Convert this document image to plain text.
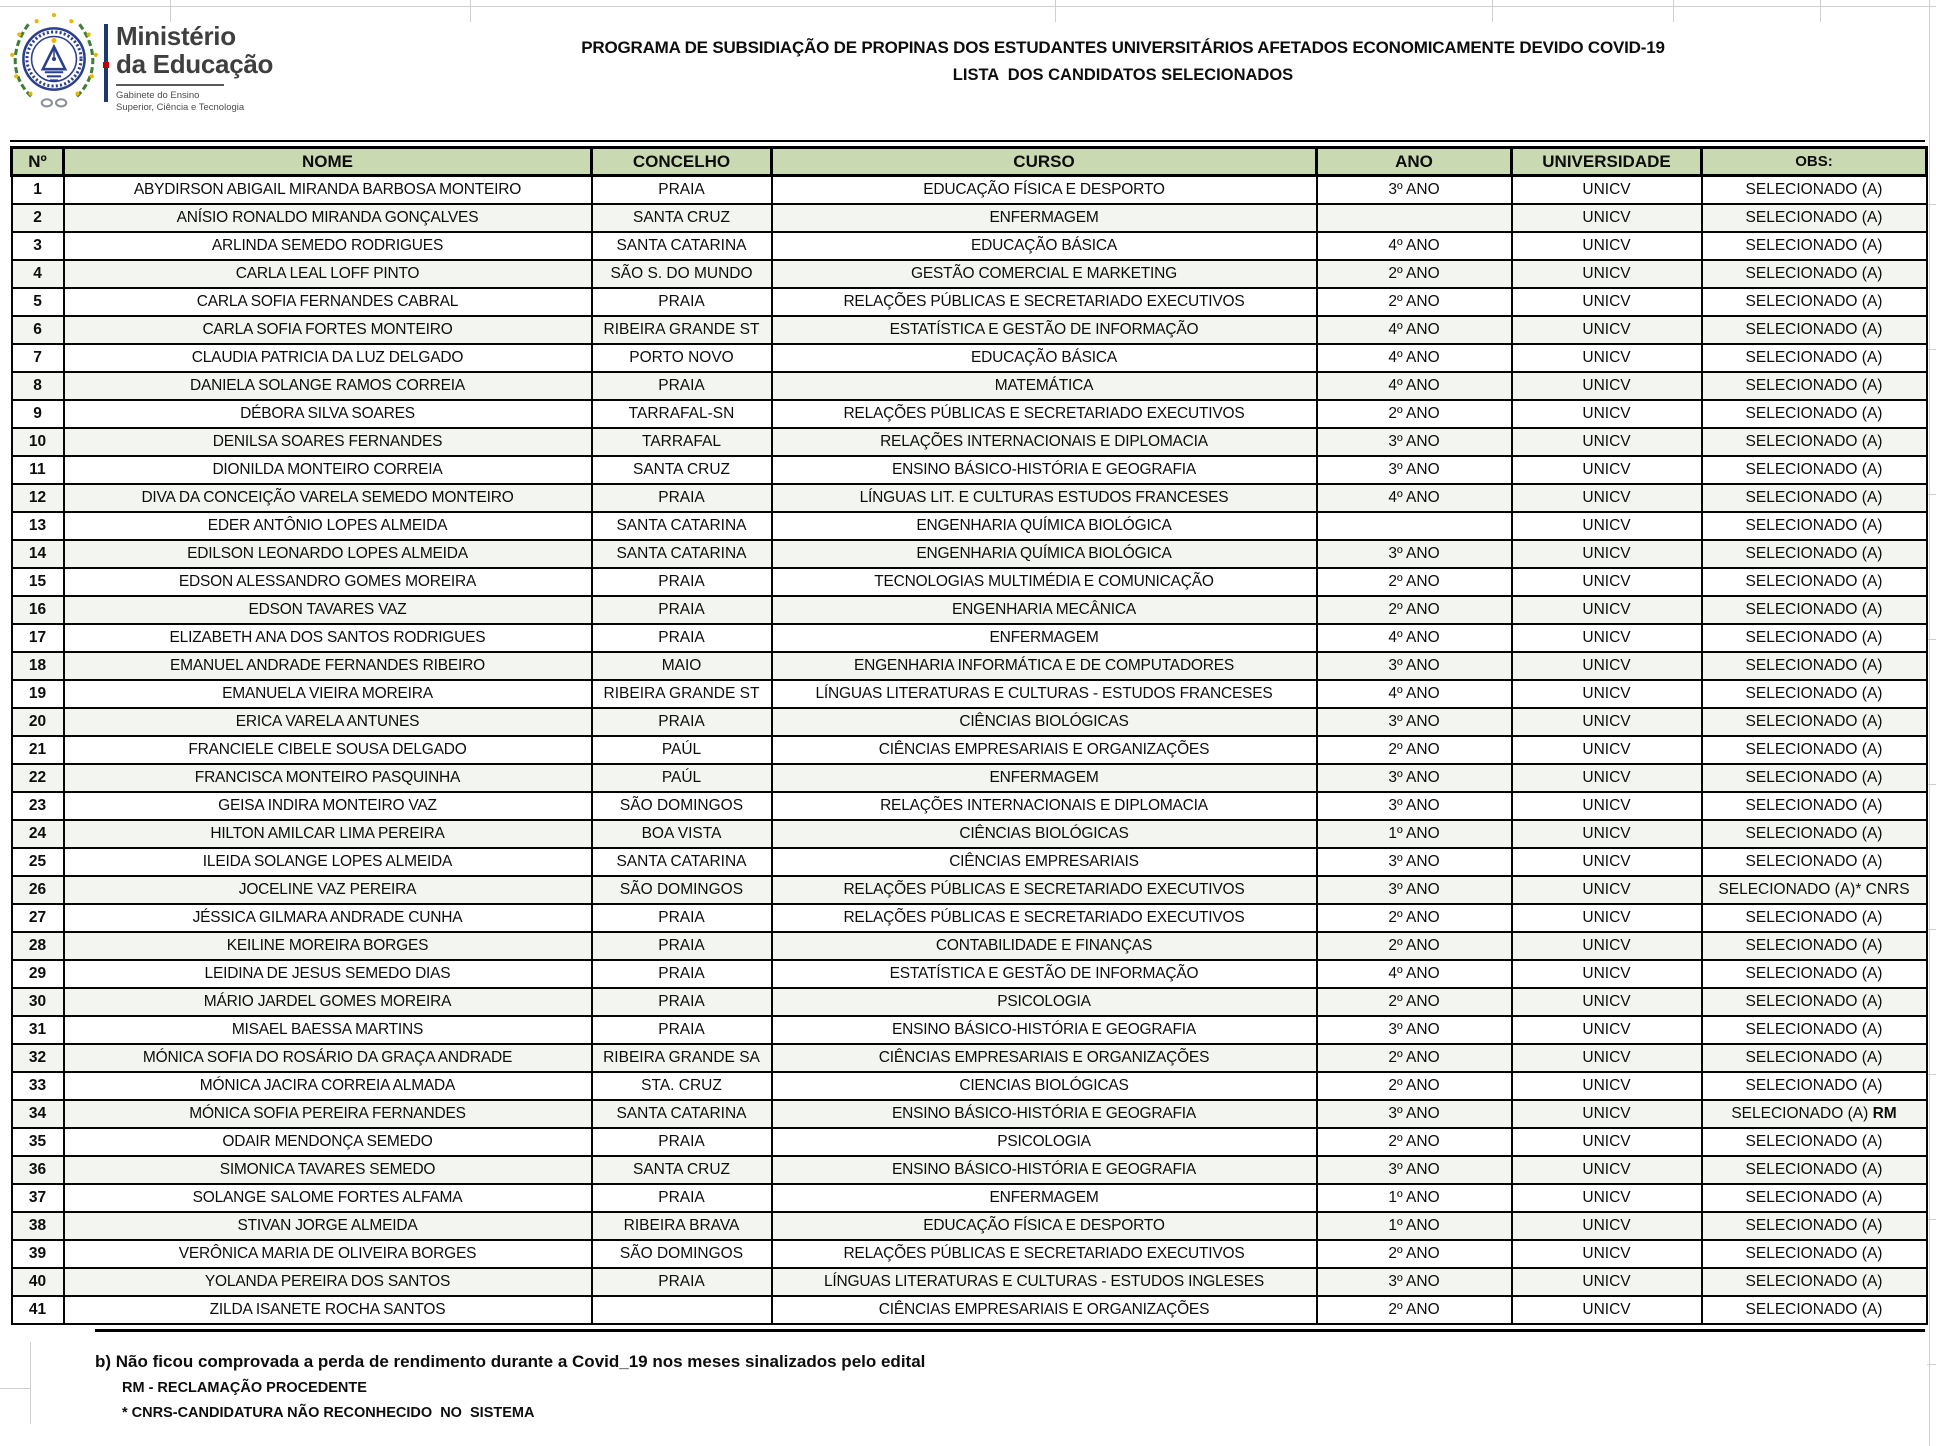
Ministério
da Educação
Gabinete do Ensino
Superior, Ciência e Tecnologia
PROGRAMA DE SUBSIDIAÇÃO DE PROPINAS DOS ESTUDANTES UNIVERSITÁRIOS AFETADOS ECONOMICAMENTE DEVIDO COVID-19
LISTA  DOS CANDIDATOS SELECIONADOS
Nº	NOME	CONCELHO	CURSO	ANO	UNIVERSIDADE	OBS:
1	ABYDIRSON ABIGAIL MIRANDA BARBOSA MONTEIRO	PRAIA	EDUCAÇÃO FÍSICA E DESPORTO	3º ANO	UNICV	SELECIONADO (A)
2	ANÍSIO RONALDO MIRANDA GONÇALVES	SANTA CRUZ	ENFERMAGEM		UNICV	SELECIONADO (A)
3	ARLINDA SEMEDO RODRIGUES	SANTA CATARINA	EDUCAÇÃO BÁSICA	4º ANO	UNICV	SELECIONADO (A)
4	CARLA LEAL LOFF PINTO	SÃO S. DO MUNDO	GESTÃO COMERCIAL E MARKETING	2º ANO	UNICV	SELECIONADO (A)
5	CARLA SOFIA FERNANDES CABRAL	PRAIA	RELAÇÕES PÚBLICAS E SECRETARIADO EXECUTIVOS	2º ANO	UNICV	SELECIONADO (A)
6	CARLA SOFIA FORTES MONTEIRO	RIBEIRA GRANDE ST	ESTATÍSTICA E GESTÃO DE INFORMAÇÃO	4º ANO	UNICV	SELECIONADO (A)
7	CLAUDIA PATRICIA DA LUZ DELGADO	PORTO NOVO	EDUCAÇÃO BÁSICA	4º ANO	UNICV	SELECIONADO (A)
8	DANIELA SOLANGE RAMOS CORREIA	PRAIA	MATEMÁTICA	4º ANO	UNICV	SELECIONADO (A)
9	DÉBORA SILVA SOARES	TARRAFAL-SN	RELAÇÕES PÚBLICAS E SECRETARIADO EXECUTIVOS	2º ANO	UNICV	SELECIONADO (A)
10	DENILSA SOARES FERNANDES	TARRAFAL	RELAÇÕES INTERNACIONAIS E DIPLOMACIA	3º ANO	UNICV	SELECIONADO (A)
11	DIONILDA MONTEIRO CORREIA	SANTA CRUZ	ENSINO BÁSICO-HISTÓRIA E GEOGRAFIA	3º ANO	UNICV	SELECIONADO (A)
12	DIVA DA CONCEIÇÃO VARELA SEMEDO MONTEIRO	PRAIA	LÍNGUAS LIT. E CULTURAS ESTUDOS FRANCESES	4º ANO	UNICV	SELECIONADO (A)
13	EDER ANTÔNIO LOPES ALMEIDA	SANTA CATARINA	ENGENHARIA QUÍMICA BIOLÓGICA		UNICV	SELECIONADO (A)
14	EDILSON LEONARDO LOPES ALMEIDA	SANTA CATARINA	ENGENHARIA QUÍMICA BIOLÓGICA	3º ANO	UNICV	SELECIONADO (A)
15	EDSON ALESSANDRO GOMES MOREIRA	PRAIA	TECNOLOGIAS MULTIMÉDIA E COMUNICAÇÃO	2º ANO	UNICV	SELECIONADO (A)
16	EDSON TAVARES VAZ	PRAIA	ENGENHARIA MECÂNICA	2º ANO	UNICV	SELECIONADO (A)
17	ELIZABETH ANA DOS SANTOS RODRIGUES	PRAIA	ENFERMAGEM	4º ANO	UNICV	SELECIONADO (A)
18	EMANUEL ANDRADE FERNANDES RIBEIRO	MAIO	ENGENHARIA INFORMÁTICA E DE COMPUTADORES	3º ANO	UNICV	SELECIONADO (A)
19	EMANUELA VIEIRA MOREIRA	RIBEIRA GRANDE ST	LÍNGUAS LITERATURAS E CULTURAS - ESTUDOS FRANCESES	4º ANO	UNICV	SELECIONADO (A)
20	ERICA VARELA ANTUNES	PRAIA	CIÊNCIAS BIOLÓGICAS	3º ANO	UNICV	SELECIONADO (A)
21	FRANCIELE CIBELE SOUSA DELGADO	PAÚL	CIÊNCIAS EMPRESARIAIS E ORGANIZAÇÕES	2º ANO	UNICV	SELECIONADO (A)
22	FRANCISCA MONTEIRO PASQUINHA	PAÚL	ENFERMAGEM	3º ANO	UNICV	SELECIONADO (A)
23	GEISA INDIRA MONTEIRO VAZ	SÃO DOMINGOS	RELAÇÕES INTERNACIONAIS E DIPLOMACIA	3º ANO	UNICV	SELECIONADO (A)
24	HILTON AMILCAR LIMA PEREIRA	BOA VISTA	CIÊNCIAS BIOLÓGICAS	1º ANO	UNICV	SELECIONADO (A)
25	ILEIDA SOLANGE LOPES ALMEIDA	SANTA CATARINA	CIÊNCIAS EMPRESARIAIS	3º ANO	UNICV	SELECIONADO (A)
26	JOCELINE VAZ PEREIRA	SÃO DOMINGOS	RELAÇÕES PÚBLICAS E SECRETARIADO EXECUTIVOS	3º ANO	UNICV	SELECIONADO (A)* CNRS
27	JÉSSICA GILMARA ANDRADE CUNHA	PRAIA	RELAÇÕES PÚBLICAS E SECRETARIADO EXECUTIVOS	2º ANO	UNICV	SELECIONADO (A)
28	KEILINE MOREIRA BORGES	PRAIA	CONTABILIDADE E FINANÇAS	2º ANO	UNICV	SELECIONADO (A)
29	LEIDINA DE JESUS SEMEDO DIAS	PRAIA	ESTATÍSTICA E GESTÃO DE INFORMAÇÃO	4º ANO	UNICV	SELECIONADO (A)
30	MÁRIO JARDEL GOMES MOREIRA	PRAIA	PSICOLOGIA	2º ANO	UNICV	SELECIONADO (A)
31	MISAEL BAESSA MARTINS	PRAIA	ENSINO BÁSICO-HISTÓRIA E GEOGRAFIA	3º ANO	UNICV	SELECIONADO (A)
32	MÓNICA SOFIA DO ROSÁRIO DA GRAÇA ANDRADE	RIBEIRA GRANDE SA	CIÊNCIAS EMPRESARIAIS E ORGANIZAÇÕES	2º ANO	UNICV	SELECIONADO (A)
33	MÓNICA JACIRA CORREIA ALMADA	STA. CRUZ	CIENCIAS BIOLÓGICAS	2º ANO	UNICV	SELECIONADO (A)
34	MÓNICA SOFIA PEREIRA FERNANDES	SANTA CATARINA	ENSINO BÁSICO-HISTÓRIA E GEOGRAFIA	3º ANO	UNICV	SELECIONADO (A) RM
35	ODAIR MENDONÇA SEMEDO	PRAIA	PSICOLOGIA	2º ANO	UNICV	SELECIONADO (A)
36	SIMONICA TAVARES SEMEDO	SANTA CRUZ	ENSINO BÁSICO-HISTÓRIA E GEOGRAFIA	3º ANO	UNICV	SELECIONADO (A)
37	SOLANGE SALOME FORTES ALFAMA	PRAIA	ENFERMAGEM	1º ANO	UNICV	SELECIONADO (A)
38	STIVAN JORGE ALMEIDA	RIBEIRA BRAVA	EDUCAÇÃO FÍSICA E DESPORTO	1º ANO	UNICV	SELECIONADO (A)
39	VERÔNICA MARIA DE OLIVEIRA BORGES	SÃO DOMINGOS	RELAÇÕES PÚBLICAS E SECRETARIADO EXECUTIVOS	2º ANO	UNICV	SELECIONADO (A)
40	YOLANDA PEREIRA DOS SANTOS	PRAIA	LÍNGUAS LITERATURAS E CULTURAS - ESTUDOS INGLESES	3º ANO	UNICV	SELECIONADO (A)
41	ZILDA ISANETE ROCHA SANTOS		CIÊNCIAS EMPRESARIAIS E ORGANIZAÇÕES	2º ANO	UNICV	SELECIONADO (A)
b) Não ficou comprovada a perda de rendimento durante a Covid_19 nos meses sinalizados pelo edital
RM - RECLAMAÇÃO PROCEDENTE
* CNRS-CANDIDATURA NÃO RECONHECIDO  NO  SISTEMA
